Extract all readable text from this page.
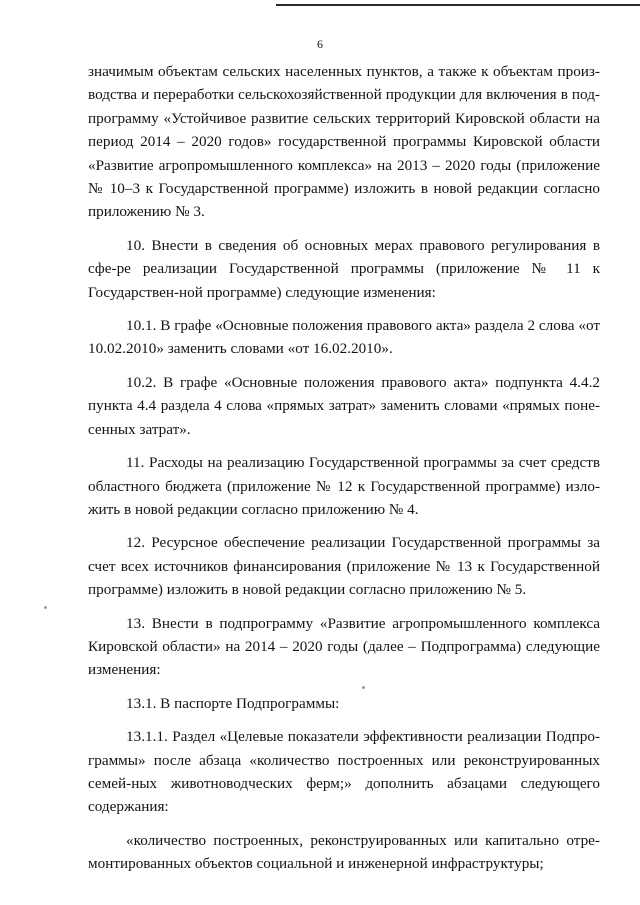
6

значимым объектам сельских населенных пунктов, а также к объектам произ-водства и переработки сельскохозяйственной продукции для включения в под-программу «Устойчивое развитие сельских территорий Кировской области на период 2014 – 2020 годов» государственной программы Кировской области «Развитие агропромышленного комплекса» на 2013 – 2020 годы (приложение № 10–3 к Государственной программе) изложить в новой редакции согласно приложению № 3.

10. Внести в сведения об основных мерах правового регулирования в сфе-ре реализации Государственной программы (приложение № 11 к Государствен-ной программе) следующие изменения:

10.1. В графе «Основные положения правового акта» раздела 2 слова «от 10.02.2010» заменить словами «от 16.02.2010».

10.2. В графе «Основные положения правового акта» подпункта 4.4.2 пункта 4.4 раздела 4 слова «прямых затрат» заменить словами «прямых поне-сенных затрат».

11. Расходы на реализацию Государственной программы за счет средств областного бюджета (приложение № 12 к Государственной программе) изло-жить в новой редакции согласно приложению № 4.

12. Ресурсное обеспечение реализации Государственной программы за счет всех источников финансирования (приложение № 13 к Государственной программе) изложить в новой редакции согласно приложению № 5.

13. Внести в подпрограмму «Развитие агропромышленного комплекса Кировской области» на 2014 – 2020 годы (далее – Подпрограмма) следующие изменения:

13.1. В паспорте Подпрограммы:

13.1.1. Раздел «Целевые показатели эффективности реализации Подпро-граммы» после абзаца «количество построенных или реконструированных семей-ных животноводческих ферм;» дополнить абзацами следующего содержания:

«количество построенных, реконструированных или капитально отре-монтированных объектов социальной и инженерной инфраструктуры;
